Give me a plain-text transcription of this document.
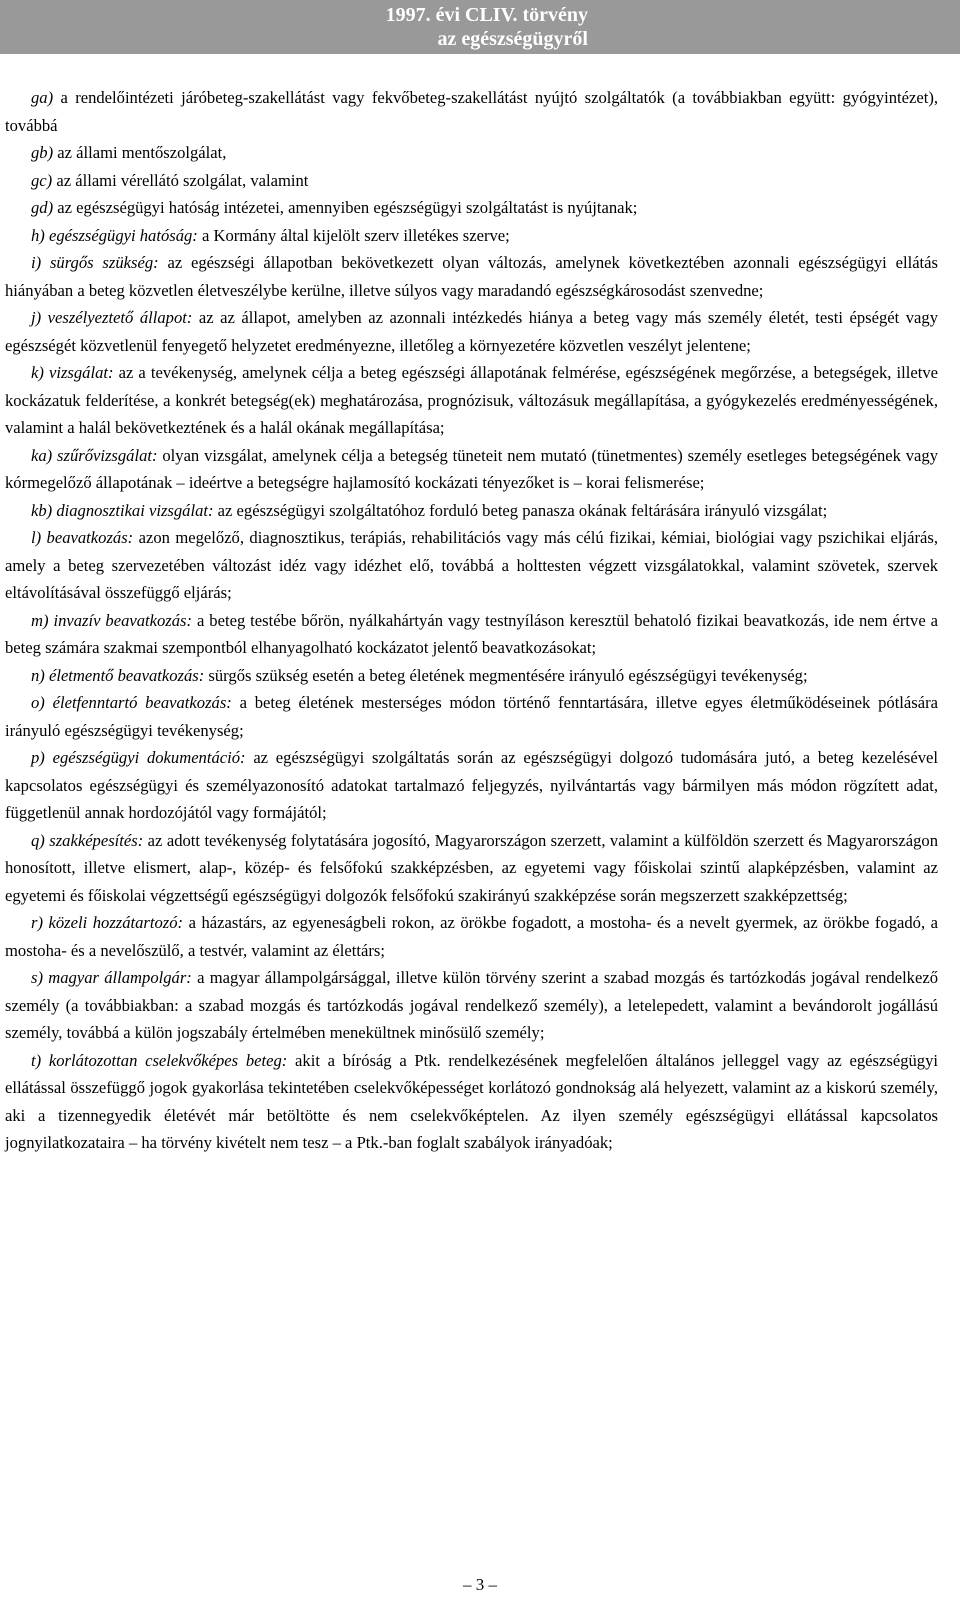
1997. évi CLIV. törvény
az egészségügyről

ga) a rendelőintézeti járóbeteg-szakellátást vagy fekvőbeteg-szakellátást nyújtó szolgáltatók (a továbbiakban együtt: gyógyintézet), továbbá

gb) az állami mentőszolgálat,

gc) az állami vérellátó szolgálat, valamint

gd) az egészségügyi hatóság intézetei, amennyiben egészségügyi szolgáltatást is nyújtanak;

h) egészségügyi hatóság: a Kormány által kijelölt szerv illetékes szerve;

i) sürgős szükség: az egészségi állapotban bekövetkezett olyan változás, amelynek következtében azonnali egészségügyi ellátás hiányában a beteg közvetlen életveszélybe kerülne, illetve súlyos vagy maradandó egészségkárosodást szenvedne;

j) veszélyeztető állapot: az az állapot, amelyben az azonnali intézkedés hiánya a beteg vagy más személy életét, testi épségét vagy egészségét közvetlenül fenyegető helyzetet eredményezne, illetőleg a környezetére közvetlen veszélyt jelentene;

k) vizsgálat: az a tevékenység, amelynek célja a beteg egészségi állapotának felmérése, egészségének megőrzése, a betegségek, illetve kockázatuk felderítése, a konkrét betegség(ek) meghatározása, prognózisuk, változásuk megállapítása, a gyógykezelés eredményességének, valamint a halál bekövetkeztének és a halál okának megállapítása;

ka) szűrővizsgálat: olyan vizsgálat, amelynek célja a betegség tüneteit nem mutató (tünetmentes) személy esetleges betegségének vagy kórmegelőző állapotának – ideértve a betegségre hajlamosító kockázati tényezőket is – korai felismerése;

kb) diagnosztikai vizsgálat: az egészségügyi szolgáltatóhoz forduló beteg panasza okának feltárására irányuló vizsgálat;

l) beavatkozás: azon megelőző, diagnosztikus, terápiás, rehabilitációs vagy más célú fizikai, kémiai, biológiai vagy pszichikai eljárás, amely a beteg szervezetében változást idéz vagy idézhet elő, továbbá a holttesten végzett vizsgálatokkal, valamint szövetek, szervek eltávolításával összefüggő eljárás;

m) invazív beavatkozás: a beteg testébe bőrön, nyálkahártyán vagy testnyíláson keresztül behatoló fizikai beavatkozás, ide nem értve a beteg számára szakmai szempontból elhanyagolható kockázatot jelentő beavatkozásokat;

n) életmentő beavatkozás: sürgős szükség esetén a beteg életének megmentésére irányuló egészségügyi tevékenység;

o) életfenntartó beavatkozás: a beteg életének mesterséges módon történő fenntartására, illetve egyes életműködéseinek pótlására irányuló egészségügyi tevékenység;

p) egészségügyi dokumentáció: az egészségügyi szolgáltatás során az egészségügyi dolgozó tudomására jutó, a beteg kezelésével kapcsolatos egészségügyi és személyazonosító adatokat tartalmazó feljegyzés, nyilvántartás vagy bármilyen más módon rögzített adat, függetlenül annak hordozójától vagy formájától;

q) szakképesítés: az adott tevékenység folytatására jogosító, Magyarországon szerzett, valamint a külföldön szerzett és Magyarországon honosított, illetve elismert, alap-, közép- és felsőfokú szakképzésben, az egyetemi vagy főiskolai szintű alapképzésben, valamint az egyetemi és főiskolai végzettségű egészségügyi dolgozók felsőfokú szakirányú szakképzése során megszerzett szakképzettség;

r) közeli hozzátartozó: a házastárs, az egyeneságbeli rokon, az örökbe fogadott, a mostoha- és a nevelt gyermek, az örökbe fogadó, a mostoha- és a nevelőszülő, a testvér, valamint az élettárs;

s) magyar állampolgár: a magyar állampolgársággal, illetve külön törvény szerint a szabad mozgás és tartózkodás jogával rendelkező személy (a továbbiakban: a szabad mozgás és tartózkodás jogával rendelkező személy), a letelepedett, valamint a bevándorolt jogállású személy, továbbá a külön jogszabály értelmében menekültnek minősülő személy;

t) korlátozottan cselekvőképes beteg: akit a bíróság a Ptk. rendelkezésének megfelelően általános jelleggel vagy az egészségügyi ellátással összefüggő jogok gyakorlása tekintetében cselekvőképességet korlátozó gondnokság alá helyezett, valamint az a kiskorú személy, aki a tizennegyedik életévét már betöltötte és nem cselekvőképtelen. Az ilyen személy egészségügyi ellátással kapcsolatos jognyilatkozataira – ha törvény kivételt nem tesz – a Ptk.-ban foglalt szabályok irányadóak;

– 3 –
